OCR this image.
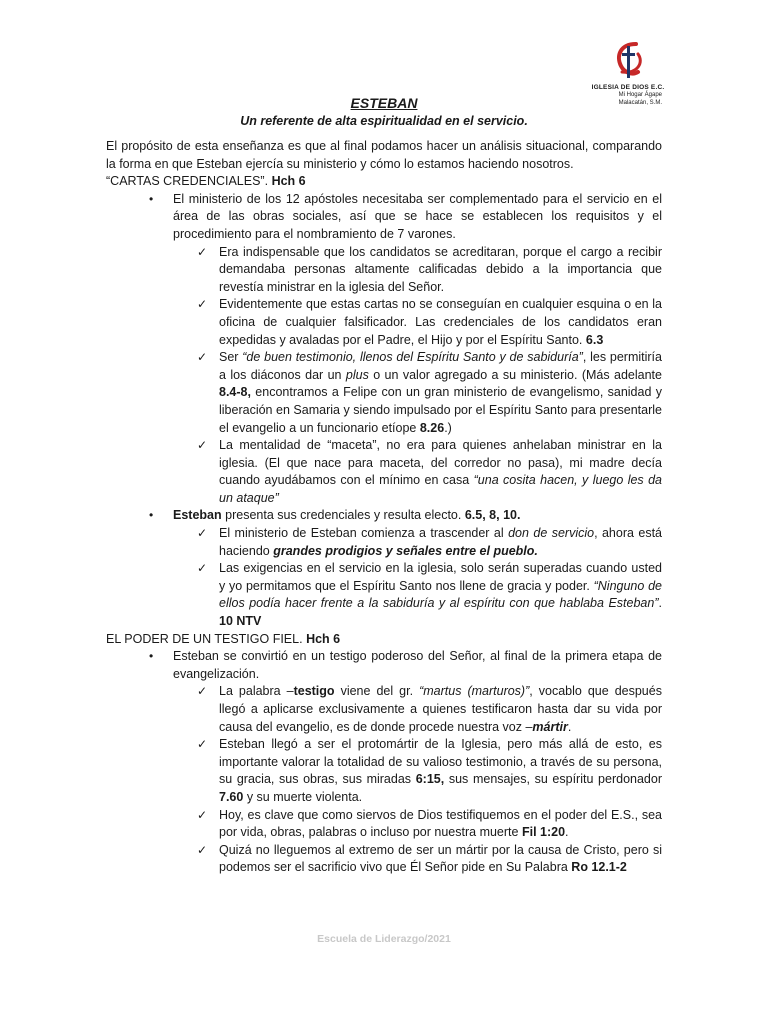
IGLESIA DE DIOS E.C.
Mi Hogar Ágape
Malacatán, S.M.
ESTEBAN
Un referente de alta espiritualidad en el servicio.

El propósito de esta enseñanza es que al final podamos hacer un análisis situacional, comparando la forma en que Esteban ejercía su ministerio y cómo lo estamos haciendo nosotros.

“CARTAS CREDENCIALES”. Hch 6

• El ministerio de los 12 apóstoles necesitaba ser complementado para el servicio en el área de las obras sociales, así que se hace se establecen los requisitos y el procedimiento para el nombramiento de 7 varones.
✓ Era indispensable que los candidatos se acreditaran, porque el cargo a recibir demandaba personas altamente calificadas debido a la importancia que revestía ministrar en la iglesia del Señor.
✓ Evidentemente que estas cartas no se conseguían en cualquier esquina o en la oficina de cualquier falsificador. Las credenciales de los candidatos eran expedidas y avaladas por el Padre, el Hijo y por el Espíritu Santo. 6.3
✓ Ser “de buen testimonio, llenos del Espíritu Santo y de sabiduría”, les permitiría a los diáconos dar un plus o un valor agregado a su ministerio. (Más adelante 8.4-8, encontramos a Felipe con un gran ministerio de evangelismo, sanidad y liberación en Samaria y siendo impulsado por el Espíritu Santo para presentarle el evangelio a un funcionario etíope 8.26.)
✓ La mentalidad de “maceta”, no era para quienes anhelaban ministrar en la iglesia. (El que nace para maceta, del corredor no pasa), mi madre decía cuando ayudábamos con el mínimo en casa “una cosita hacen, y luego les da un ataque”
• Esteban presenta sus credenciales y resulta electo. 6.5, 8, 10.
✓ El ministerio de Esteban comienza a trascender al don de servicio, ahora está haciendo grandes prodigios y señales entre el pueblo.
✓ Las exigencias en el servicio en la iglesia, solo serán superadas cuando usted y yo permitamos que el Espíritu Santo nos llene de gracia y poder. “Ninguno de ellos podía hacer frente a la sabiduría y al espíritu con que hablaba Esteban”. 10 NTV

EL PODER DE UN TESTIGO FIEL. Hch 6

• Esteban se convirtió en un testigo poderoso del Señor, al final de la primera etapa de evangelización.
✓ La palabra –testigo viene del gr. “martus (marturos)”, vocablo que después llegó a aplicarse exclusivamente a quienes testificaron hasta dar su vida por causa del evangelio, es de donde procede nuestra voz –mártir.
✓ Esteban llegó a ser el protomártir de la Iglesia, pero más allá de esto, es importante valorar la totalidad de su valioso testimonio, a través de su persona, su gracia, sus obras, sus miradas 6:15, sus mensajes, su espíritu perdonador 7.60 y su muerte violenta.
✓ Hoy, es clave que como siervos de Dios testifiquemos en el poder del E.S., sea por vida, obras, palabras o incluso por nuestra muerte Fil 1:20.
✓ Quizá no lleguemos al extremo de ser un mártir por la causa de Cristo, pero si podemos ser el sacrificio vivo que Él Señor pide en Su Palabra Ro 12.1-2
Escuela de Liderazgo/2021
